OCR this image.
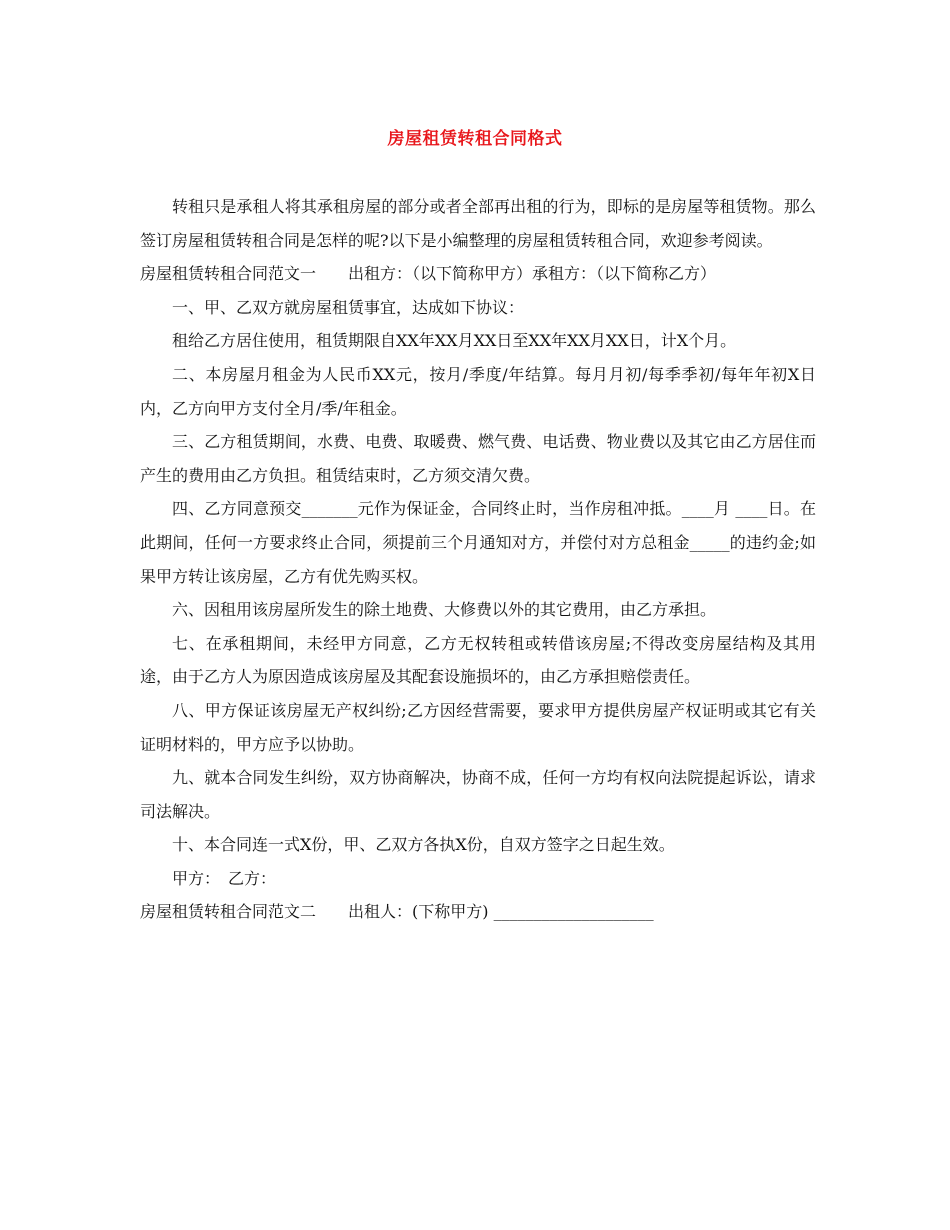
房屋租赁转租合同格式

转租只是承租人将其承租房屋的部分或者全部再出租的行为，即标的是房屋等租赁物。那么签订房屋租赁转租合同是怎样的呢?以下是小编整理的房屋租赁转租合同，欢迎参考阅读。

房屋租赁转租合同范文一　　出租方：（以下简称甲方）承租方：（以下简称乙方）

一、甲、乙双方就房屋租赁事宜，达成如下协议：

租给乙方居住使用，租赁期限自XX年XX月XX日至XX年XX月XX日，计X个月。

二、本房屋月租金为人民币XX元，按月/季度/年结算。每月月初/每季季初/每年年初X日内，乙方向甲方支付全月/季/年租金。

三、乙方租赁期间，水费、电费、取暖费、燃气费、电话费、物业费以及其它由乙方居住而产生的费用由乙方负担。租赁结束时，乙方须交清欠费。

四、乙方同意预交_______元作为保证金，合同终止时，当作房租冲抵。____月 ____日。在此期间，任何一方要求终止合同，须提前三个月通知对方，并偿付对方总租金_____的违约金;如果甲方转让该房屋，乙方有优先购买权。

六、因租用该房屋所发生的除土地费、大修费以外的其它费用，由乙方承担。

七、在承租期间，未经甲方同意，乙方无权转租或转借该房屋;不得改变房屋结构及其用途，由于乙方人为原因造成该房屋及其配套设施损坏的，由乙方承担赔偿责任。

八、甲方保证该房屋无产权纠纷;乙方因经营需要，要求甲方提供房屋产权证明或其它有关证明材料的，甲方应予以协助。

九、就本合同发生纠纷，双方协商解决，协商不成，任何一方均有权向法院提起诉讼，请求司法解决。

十、本合同连一式X份，甲、乙双方各执X份，自双方签字之日起生效。

甲方：　乙方：

房屋租赁转租合同范文二　　出租人：(下称甲方) ____________________
